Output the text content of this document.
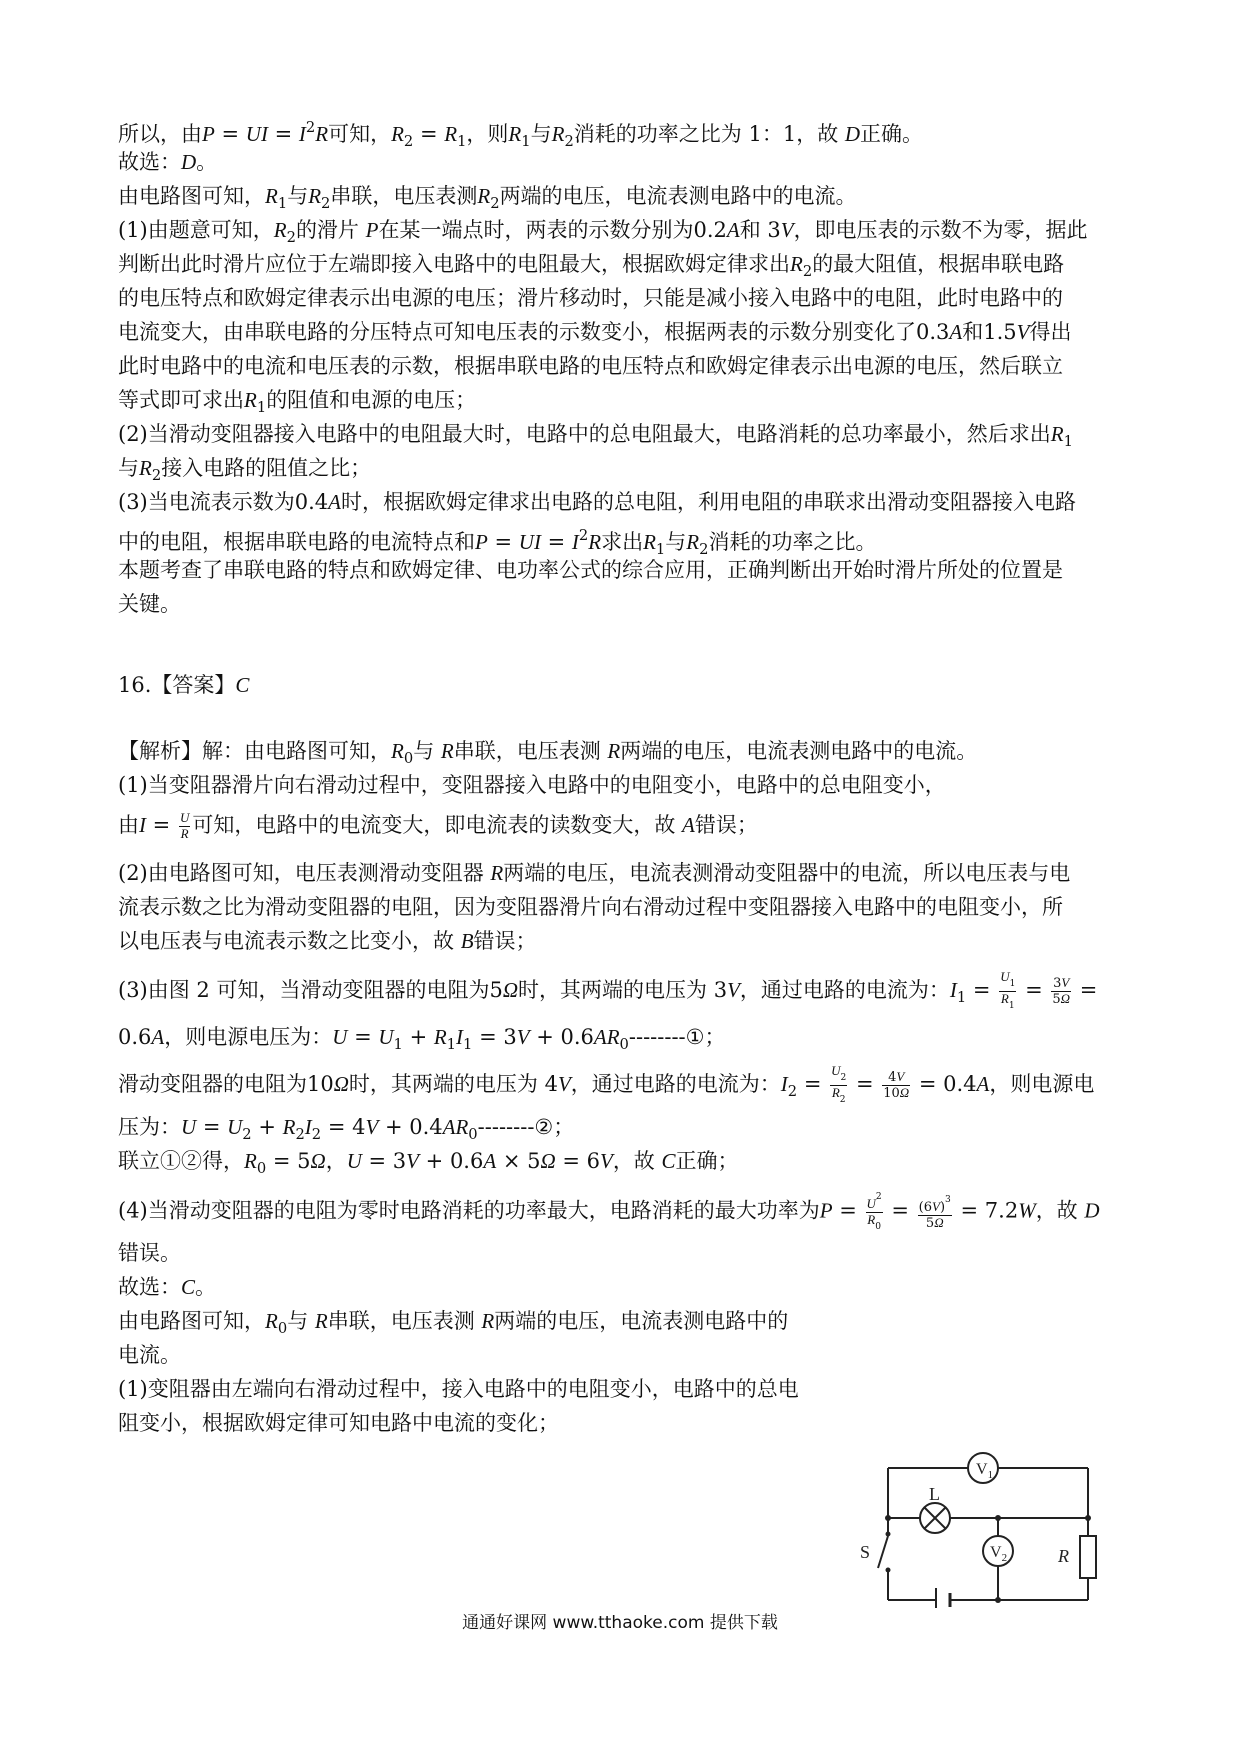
所以，由P = UI = $I^2R$可知，$R_2 = R_1$，则$R_1$与$R_2$消耗的功率之比为 1：1，故 D正确。
故选：D。
由电路图可知，$R_1$与$R_2$串联，电压表测$R_2$两端的电压，电流表测电路中的电流。
(1)由题意可知，$R_2$的滑片 P在某一端点时，两表的示数分别为0.2A和 3V，即电压表的示数不为零，据此
判断出此时滑片应位于左端即接入电路中的电阻最大，根据欧姆定律求出$R_2$的最大阻值，根据串联电路
的电压特点和欧姆定律表示出电源的电压；滑片移动时，只能是减小接入电路中的电阻，此时电路中的
电流变大，由串联电路的分压特点可知电压表的示数变小，根据两表的示数分别变化了0.3A和1.5V得出
此时电路中的电流和电压表的示数，根据串联电路的电压特点和欧姆定律表示出电源的电压，然后联立
等式即可求出$R_1$的阻值和电源的电压；
(2)当滑动变阻器接入电路中的电阻最大时，电路中的总电阻最大，电路消耗的总功率最小，然后求出$R_1$
与$R_2$接入电路的阻值之比；
(3)当电流表示数为0.4A时，根据欧姆定律求出电路的总电阻，利用电阻的串联求出滑动变阻器接入电路
中的电阻，根据串联电路的电流特点和P = UI = $I^2R$求出$R_1$与$R_2$消耗的功率之比。
本题考查了串联电路的特点和欧姆定律、电功率公式的综合应用，正确判断出开始时滑片所处的位置是
关键。
16.【答案】C
【解析】解：由电路图可知，$R_0$与 R串联，电压表测 R两端的电压，电流表测电路中的电流。
(1)当变阻器滑片向右滑动过程中，变阻器接入电路中的电阻变小，电路中的总电阻变小，
由$I = \frac{U}{R}$ 可知，电路中的电流变大，即电流表的读数变大，故 A错误；
(2)由电路图可知，电压表测滑动变阻器 R两端的电压，电流表测滑动变阻器中的电流，所以电压表与电
流表示数之比为滑动变阻器的电阻，因为变阻器滑片向右滑动过程中变阻器接入电路中的电阻变小，所
以电压表与电流表示数之比变小，故 B错误；
(3)由图 2 可知，当滑动变阻器的电阻为5Ω时，其两端的电压为 3V，通过电路的电流为：$I_1 = \frac{U_1}{R_1} = \frac{3V}{5\Omega}$ =
0.6A，则电源电压为：$U = U_1 + R_1I_1 = 3V$ + $0.6AR_0--------①$；
滑动变阻器的电阻为10Ω时，其两端的电压为 4V，通过电路的电流为：$I_2 = \frac{U_2}{R_2} = \frac{4V}{10\Omega} = 0.4A$，则电源电
压为：$U = U_2 + R_2I_2 = 4V$ + $0.4AR_0--------②$；
联立①②得，$R_0 = 5\Omega$，U = 3V + 0.6A × 5Ω = 6V，故 C正确；
(4)当滑动变阻器的电阻为零时电路消耗的功率最大，电路消耗的最大功率为$P = \frac{U^2}{R_0} = \frac{(6V)^3}{5\Omega} = 7.2W$，故 D
错误。
故选：C。
由电路图可知，$R_0$与 R串联，电压表测 R两端的电压，电流表测电路中的
电流。
(1)变阻器由左端向右滑动过程中，接入电路中的电阻变小，电路中的总电
阻变小，根据欧姆定律可知电路中电流的变化；
$V_1$
$V_2$
L
S	R
通通好课网 www.tthaoke.com 提供下载
